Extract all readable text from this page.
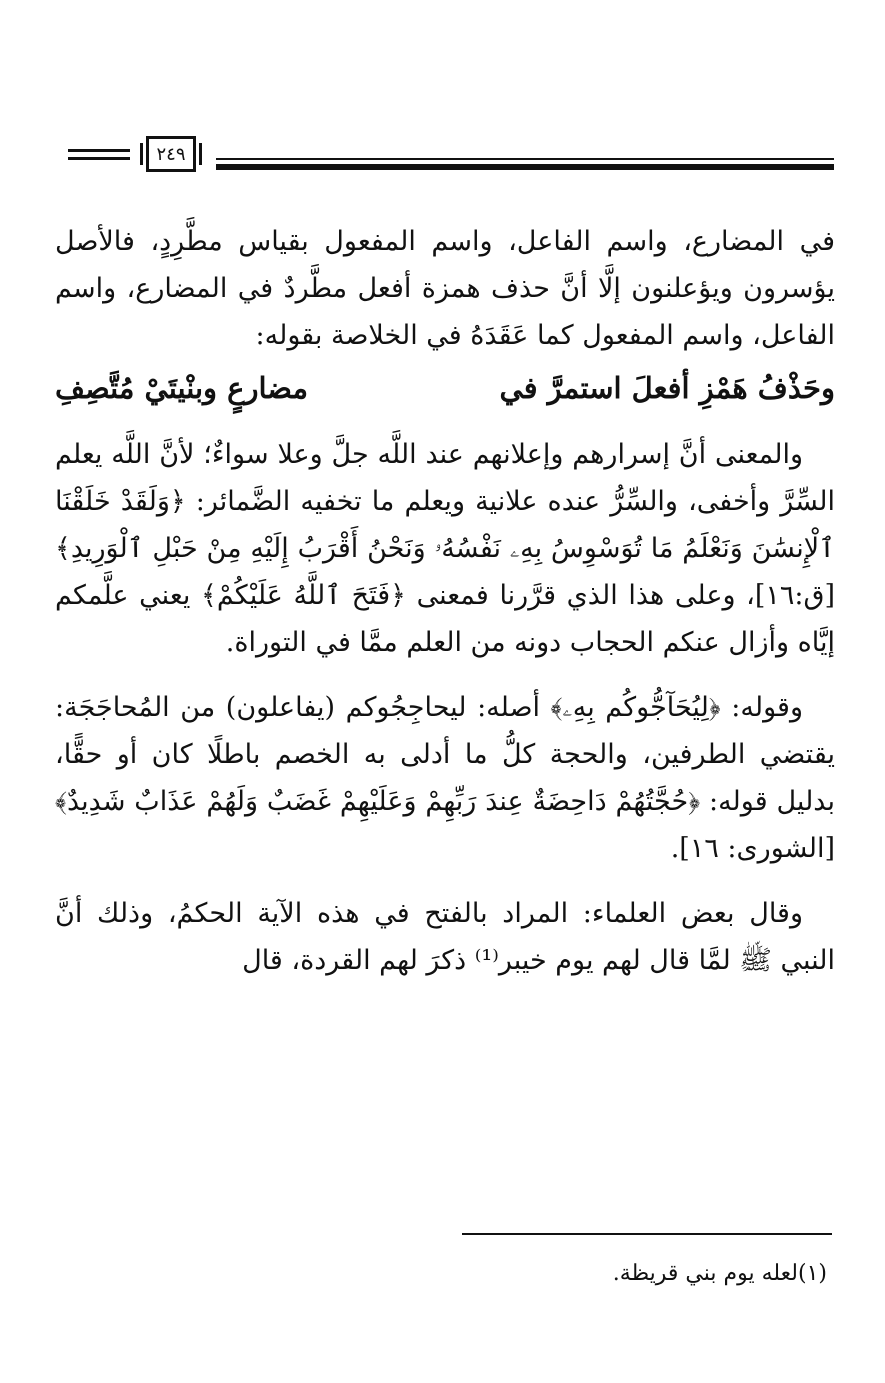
٢٤٩

في المضارع، واسم الفاعل، واسم المفعول بقياس مطَّرِدٍ، فالأصل يؤسرون ويؤعلنون إلَّا أنَّ حذف همزة أفعل مطَّردٌ في المضارع، واسم الفاعل، واسم المفعول كما عَقَدَهُ في الخلاصة بقوله:

وحَذْفُ هَمْزِ أفعلَ استمرَّ في
مضارعٍ وبنْيتَيْ مُتَّصِفِ

والمعنى أنَّ إسرارهم وإعلانهم عند اللَّه جلَّ وعلا سواءٌ؛ لأنَّ اللَّه يعلم السِّرَّ وأخفى، والسِّرُّ عنده علانية ويعلم ما تخفيه الضَّمائر: ﴿وَلَقَدْ خَلَقْنَا ٱلْإِنسَٰنَ وَنَعْلَمُ مَا تُوَسْوِسُ بِهِۦ نَفْسُهُۥ وَنَحْنُ أَقْرَبُ إِلَيْهِ مِنْ حَبْلِ ٱلْوَرِيدِ﴾ [ق:١٦]، وعلى هذا الذي قرَّرنا فمعنى ﴿فَتَحَ ٱللَّهُ عَلَيْكُمْ﴾ يعني علَّمكم إيَّاه وأزال عنكم الحجاب دونه من العلم ممَّا في التوراة.

وقوله: ﴿لِيُحَآجُّوكُم بِهِۦ﴾ أصله: ليحاجِجُوكم (يفاعلون) من المُحاجَجَة: يقتضي الطرفين، والحجة كلُّ ما أدلى به الخصم باطلًا كان أو حقًّا، بدليل قوله: ﴿حُجَّتُهُمْ دَاحِضَةٌ عِندَ رَبِّهِمْ وَعَلَيْهِمْ غَضَبٌ وَلَهُمْ عَذَابٌ شَدِيدٌ﴾ [الشورى: ١٦].

وقال بعض العلماء: المراد بالفتح في هذه الآية الحكمُ، وذلك أنَّ النبي ﷺ لمَّا قال لهم يوم خيبر⁽¹⁾ ذكرَ لهم القردة، قال

(١)لعله يوم بني قريظة.
